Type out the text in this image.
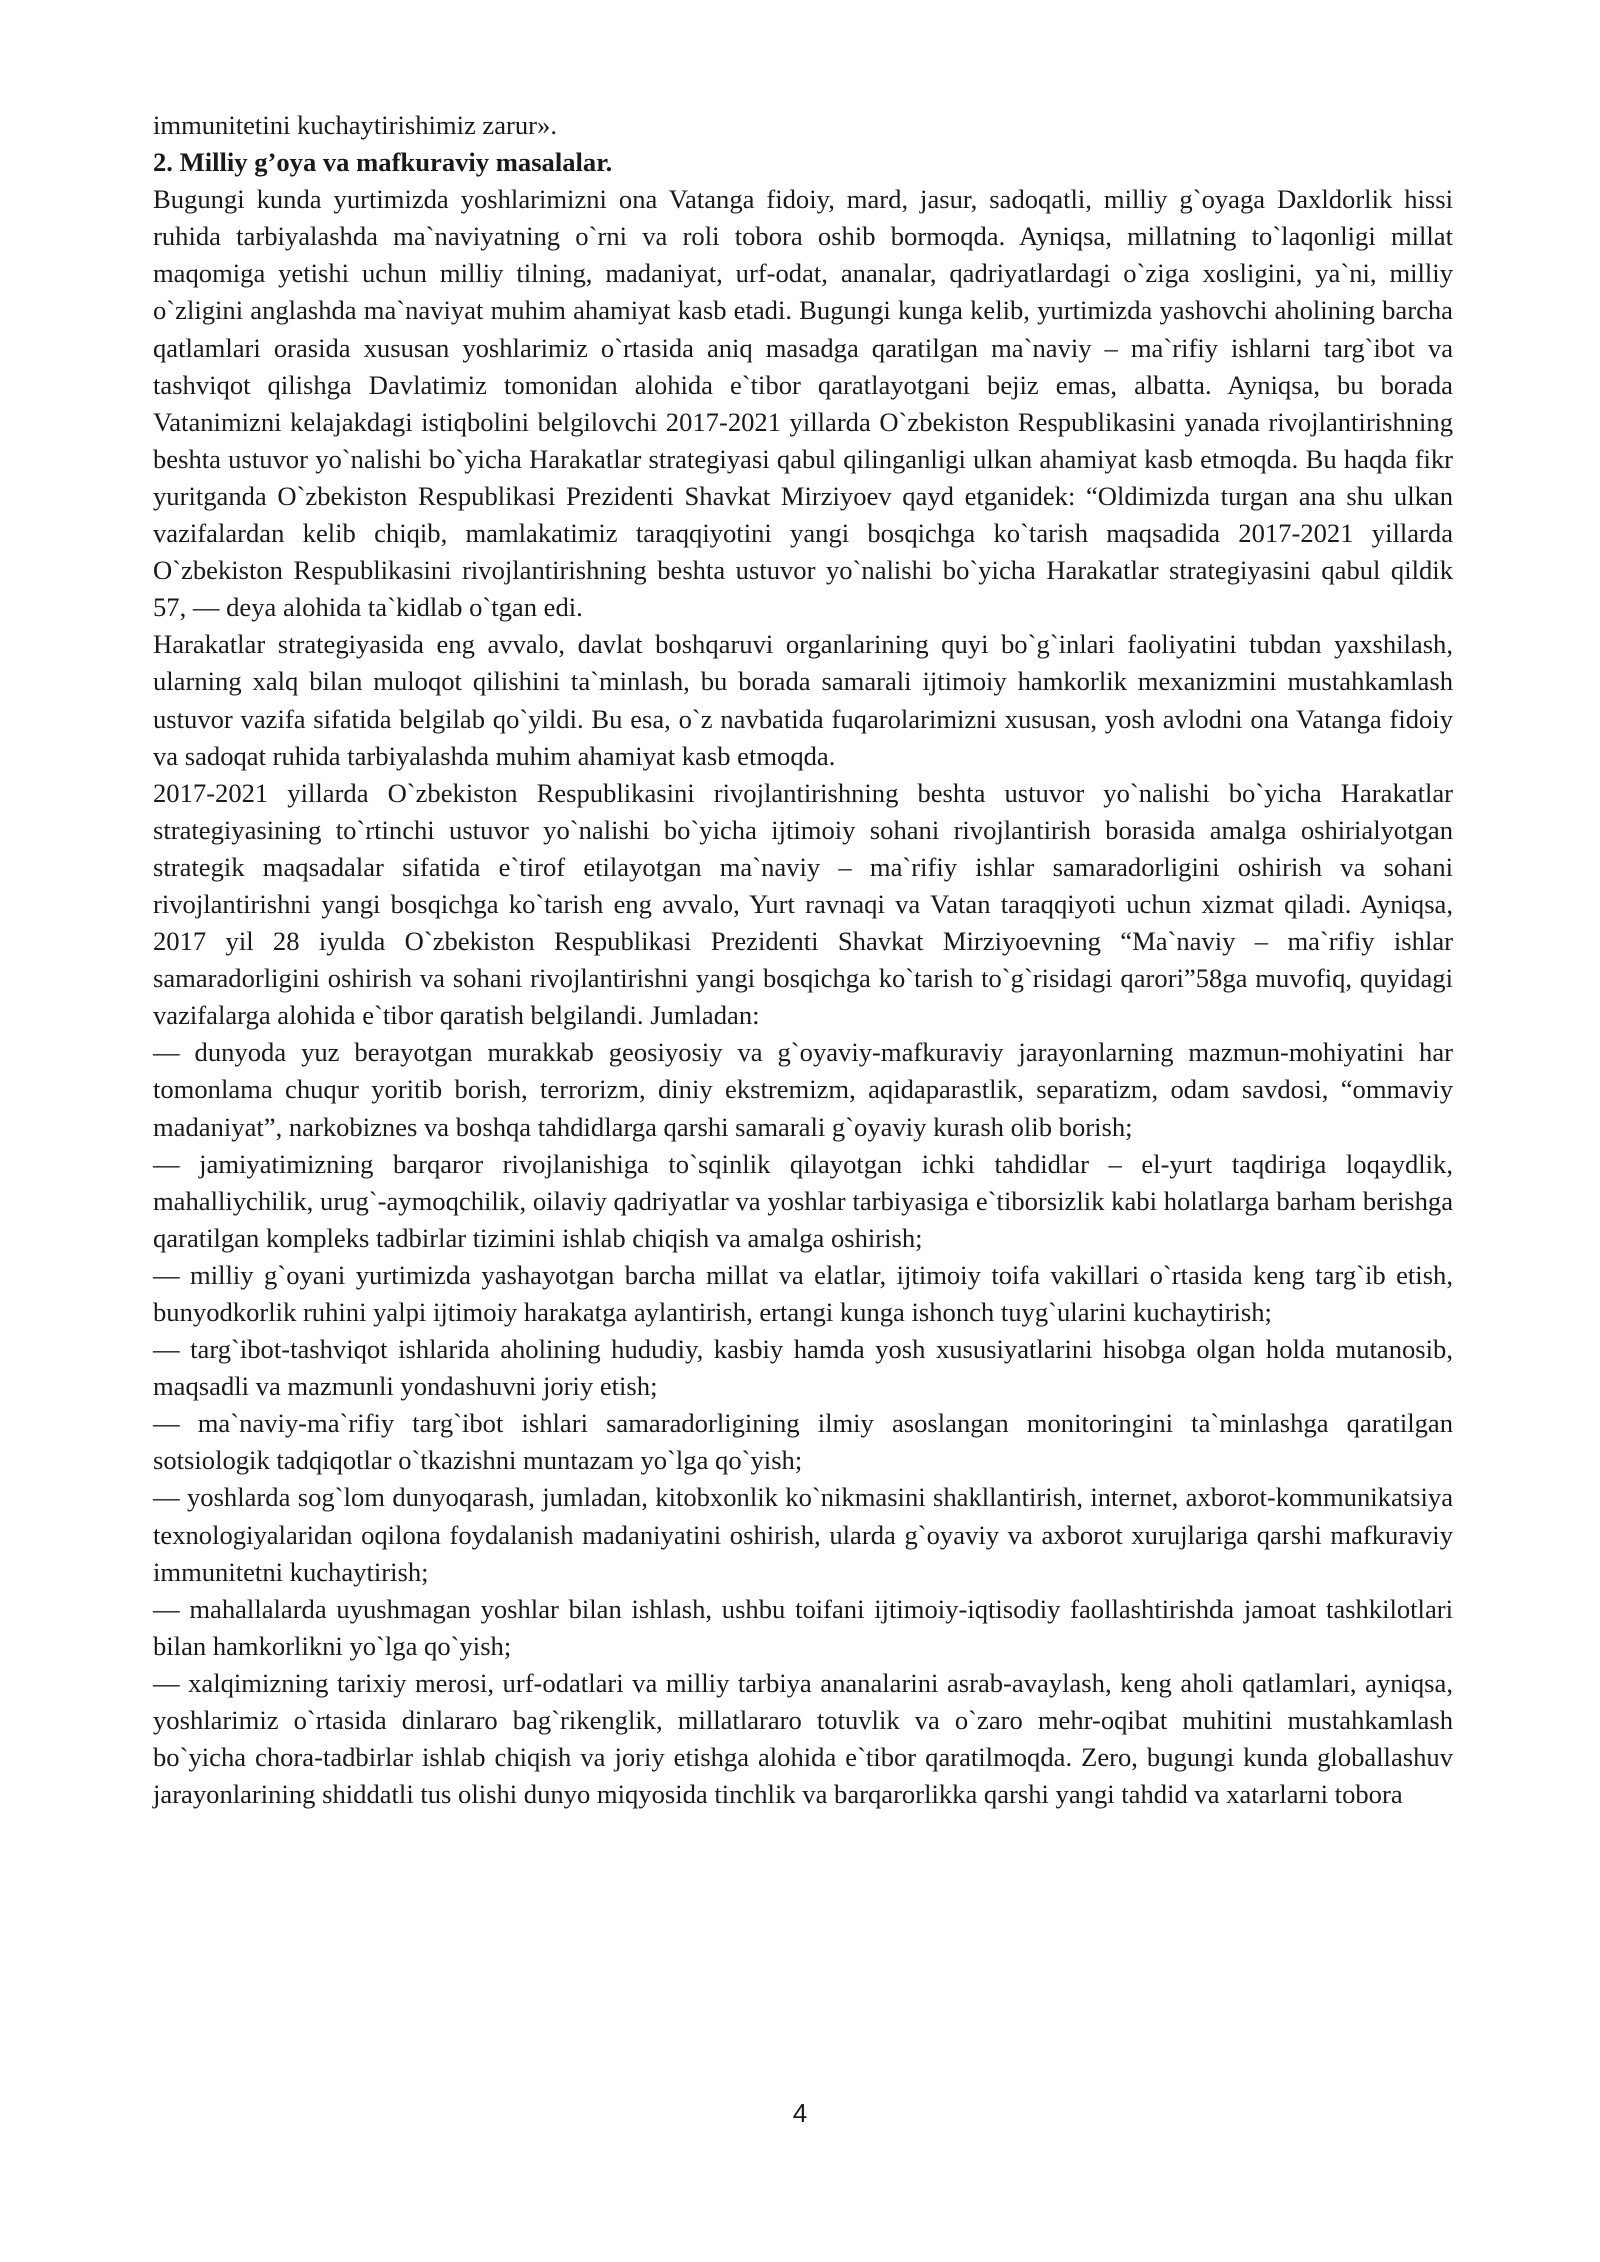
immunitetini kuchaytirishimiz zarur».

2. Milliy g’oya va mafkuraviy masalalar.

Bugungi kunda yurtimizda yoshlarimizni ona Vatanga fidoiy, mard, jasur, sadoqatli, milliy g`oyaga Daxldorlik hissi ruhida tarbiyalashda ma`naviyatning o`rni va roli tobora oshib bormoqda. Ayniqsa, millatning to`laqonligi millat maqomiga yetishi uchun milliy tilning, madaniyat, urf-odat, ananalar, qadriyatlardagi o`ziga xosligini, ya`ni, milliy o`zligini anglashda ma`naviyat muhim ahamiyat kasb etadi. Bugungi kunga kelib, yurtimizda yashovchi aholining barcha qatlamlari orasida xususan yoshlarimiz o`rtasida aniq masadga qaratilgan ma`naviy – ma`rifiy ishlarni targ`ibot va tashviqot qilishga Davlatimiz tomonidan alohida e`tibor qaratlayotgani bejiz emas, albatta. Ayniqsa, bu borada Vatanimizni kelajakdagi istiqbolini belgilovchi 2017-2021 yillarda O`zbekiston Respublikasini yanada rivojlantirishning beshta ustuvor yo`nalishi bo`yicha Harakatlar strategiyasi qabul qilinganligi ulkan ahamiyat kasb etmoqda. Bu haqda fikr yuritganda O`zbekiston Respublikasi Prezidenti Shavkat Mirziyoev qayd etganidek: “Oldimizda turgan ana shu ulkan vazifalardan kelib chiqib, mamlakatimiz taraqqiyotini yangi bosqichga ko`tarish maqsadida 2017-2021 yillarda O`zbekiston Respublikasini rivojlantirishning beshta ustuvor yo`nalishi bo`yicha Harakatlar strategiyasini qabul qildik 57, — deya alohida ta`kidlab o`tgan edi.

Harakatlar strategiyasida eng avvalo, davlat boshqaruvi organlarining quyi bo`g`inlari faoliyatini tubdan yaxshilash, ularning xalq bilan muloqot qilishini ta`minlash, bu borada samarali ijtimoiy hamkorlik mexanizmini mustahkamlash ustuvor vazifa sifatida belgilab qo`yildi. Bu esa, o`z navbatida fuqarolarimizni xususan, yosh avlodni ona Vatanga fidoiy va sadoqat ruhida tarbiyalashda muhim ahamiyat kasb etmoqda.

2017-2021 yillarda O`zbekiston Respublikasini rivojlantirishning beshta ustuvor yo`nalishi bo`yicha Harakatlar strategiyasining to`rtinchi ustuvor yo`nalishi bo`yicha ijtimoiy sohani rivojlantirish borasida amalga oshirialyotgan strategik maqsadalar sifatida e`tirof etilayotgan ma`naviy – ma`rifiy ishlar samaradorligini oshirish va sohani rivojlantirishni yangi bosqichga ko`tarish eng avvalo, Yurt ravnaqi va Vatan taraqqiyoti uchun xizmat qiladi. Ayniqsa, 2017 yil 28 iyulda O`zbekiston Respublikasi Prezidenti Shavkat Mirziyoevning “Ma`naviy – ma`rifiy ishlar samaradorligini oshirish va sohani rivojlantirishni yangi bosqichga ko`tarish to`g`risidagi qarori”58ga muvofiq, quyidagi vazifalarga alohida e`tibor qaratish belgilandi. Jumladan:

— dunyoda yuz berayotgan murakkab geosiyosiy va g`oyaviy-mafkuraviy jarayonlarning mazmun-mohiyatini har tomonlama chuqur yoritib borish, terrorizm, diniy ekstremizm, aqidaparastlik, separatizm, odam savdosi, “ommaviy madaniyat”, narkobiznes va boshqa tahdidlarga qarshi samarali g`oyaviy kurash olib borish;

— jamiyatimizning barqaror rivojlanishiga to`sqinlik qilayotgan ichki tahdidlar – el-yurt taqdiriga loqaydlik, mahalliychilik, urug`-aymoqchilik, oilaviy qadriyatlar va yoshlar tarbiyasiga e`tiborsizlik kabi holatlarga barham berishga qaratilgan kompleks tadbirlar tizimini ishlab chiqish va amalga oshirish;

— milliy g`oyani yurtimizda yashayotgan barcha millat va elatlar, ijtimoiy toifa vakillari o`rtasida keng targ`ib etish, bunyodkorlik ruhini yalpi ijtimoiy harakatga aylantirish, ertangi kunga ishonch tuyg`ularini kuchaytirish;

— targ`ibot-tashviqot ishlarida aholining hududiy, kasbiy hamda yosh xususiyatlarini hisobga olgan holda mutanosib, maqsadli va mazmunli yondashuvni joriy etish;

— ma`naviy-ma`rifiy targ`ibot ishlari samaradorligining ilmiy asoslangan monitoringini ta`minlashga qaratilgan sotsiologik tadqiqotlar o`tkazishni muntazam yo`lga qo`yish;

— yoshlarda sog`lom dunyoqarash, jumladan, kitobxonlik ko`nikmasini shakllantirish, internet, axborot-kommunikatsiya texnologiyalaridan oqilona foydalanish madaniyatini oshirish, ularda g`oyaviy va axborot xurujlariga qarshi mafkuraviy immunitetni kuchaytirish;

— mahallalarda uyushmagan yoshlar bilan ishlash, ushbu toifani ijtimoiy-iqtisodiy faollashtirishda jamoat tashkilotlari bilan hamkorlikni yo`lga qo`yish;

— xalqimizning tarixiy merosi, urf-odatlari va milliy tarbiya ananalarini asrab-avaylash, keng aholi qatlamlari, ayniqsa, yoshlarimiz o`rtasida dinlararo bag`rikenglik, millatlararo totuvlik va o`zaro mehr-oqibat muhitini mustahkamlash bo`yicha chora-tadbirlar ishlab chiqish va joriy etishga alohida e`tibor qaratilmoqda. Zero, bugungi kunda globallashuv jarayonlarining shiddatli tus olishi dunyo miqyosida tinchlik va barqarorlikka qarshi yangi tahdid va xatarlarni tobora

4
